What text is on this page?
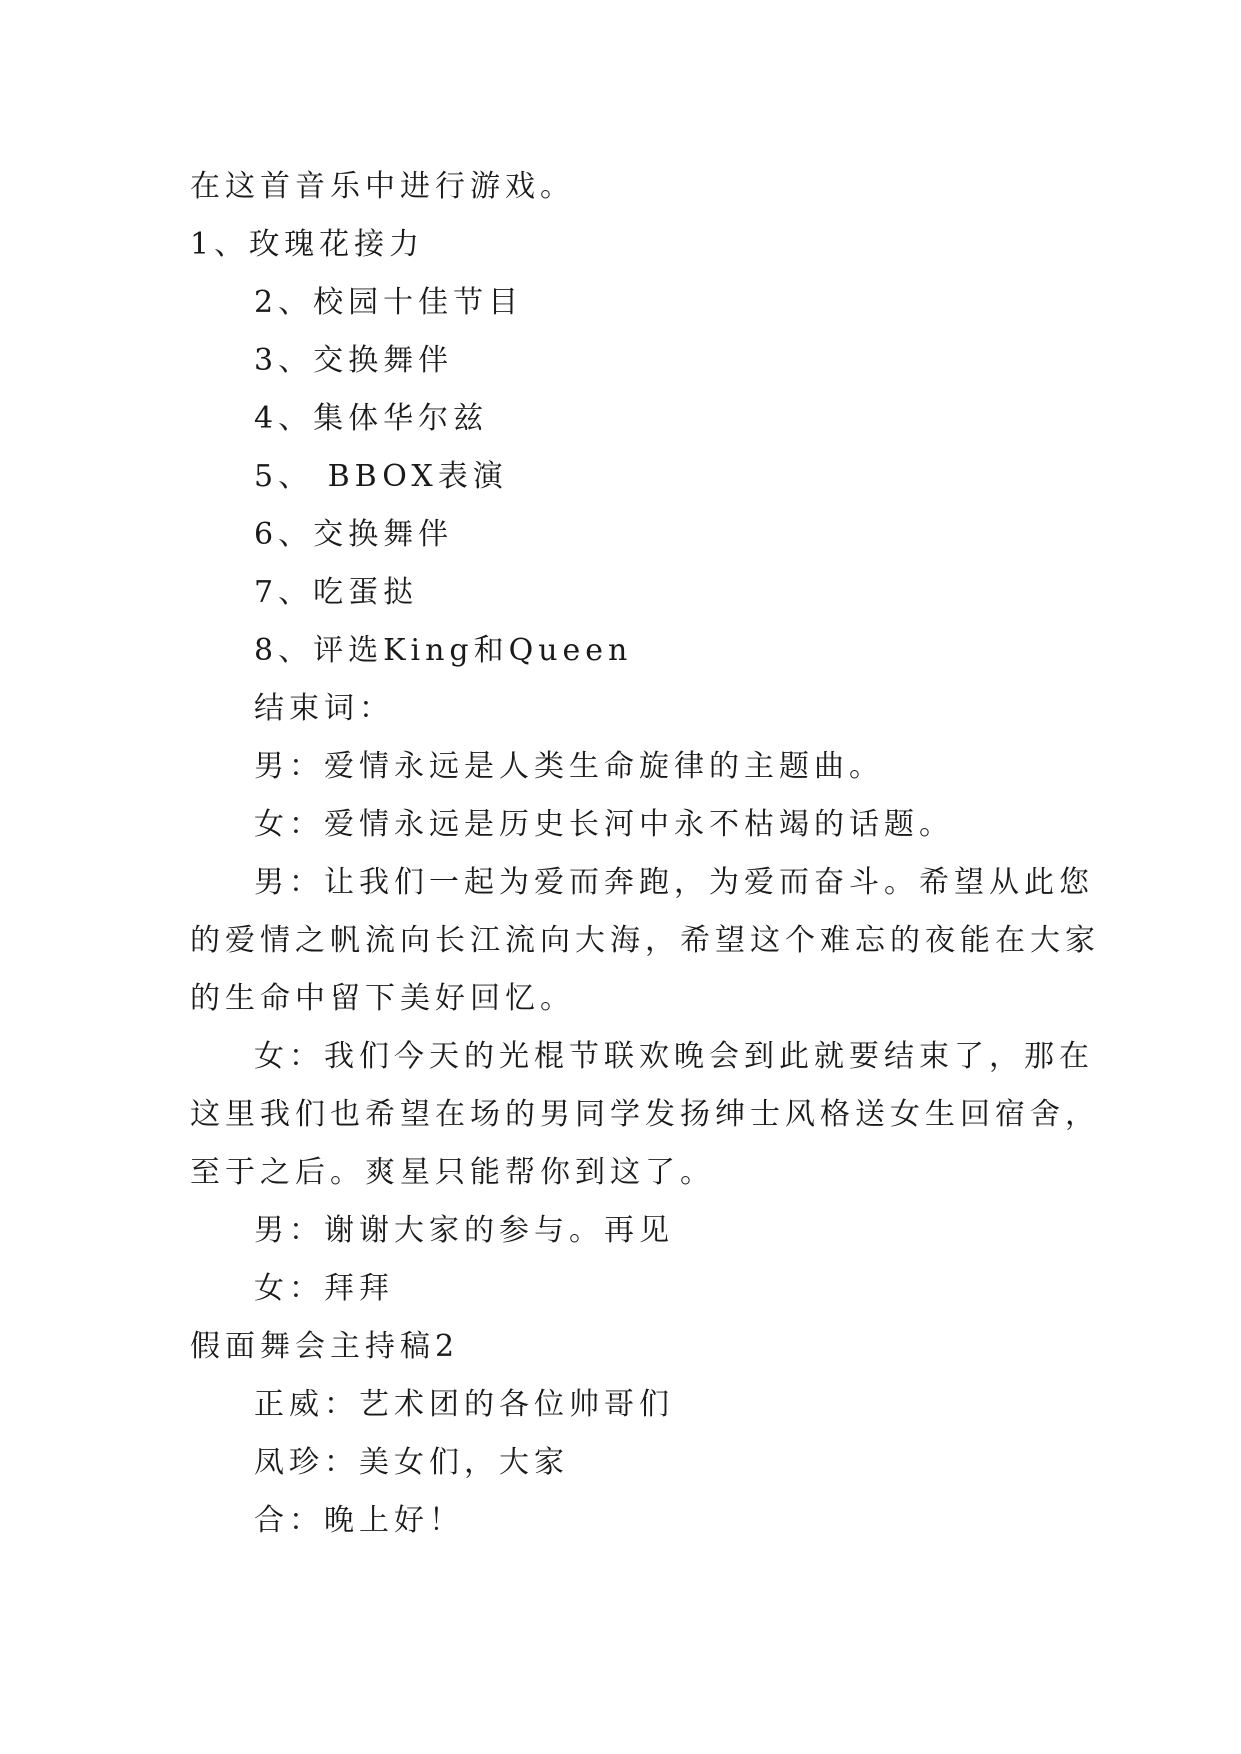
在这首音乐中进行游戏。
1、玫瑰花接力
2、校园十佳节目
3、交换舞伴
4、集体华尔兹
5、 BBOX表演
6、交换舞伴
7、吃蛋挞
8、评选King和Queen
结束词：
男：爱情永远是人类生命旋律的主题曲。
女：爱情永远是历史长河中永不枯竭的话题。
男：让我们一起为爱而奔跑，为爱而奋斗。希望从此您
的爱情之帆流向长江流向大海，希望这个难忘的夜能在大家
的生命中留下美好回忆。
女：我们今天的光棍节联欢晚会到此就要结束了，那在
这里我们也希望在场的男同学发扬绅士风格送女生回宿舍，
至于之后。爽星只能帮你到这了。
男：谢谢大家的参与。再见
女：拜拜
假面舞会主持稿2
正威：艺术团的各位帅哥们
凤珍：美女们，大家
合：晚上好！
